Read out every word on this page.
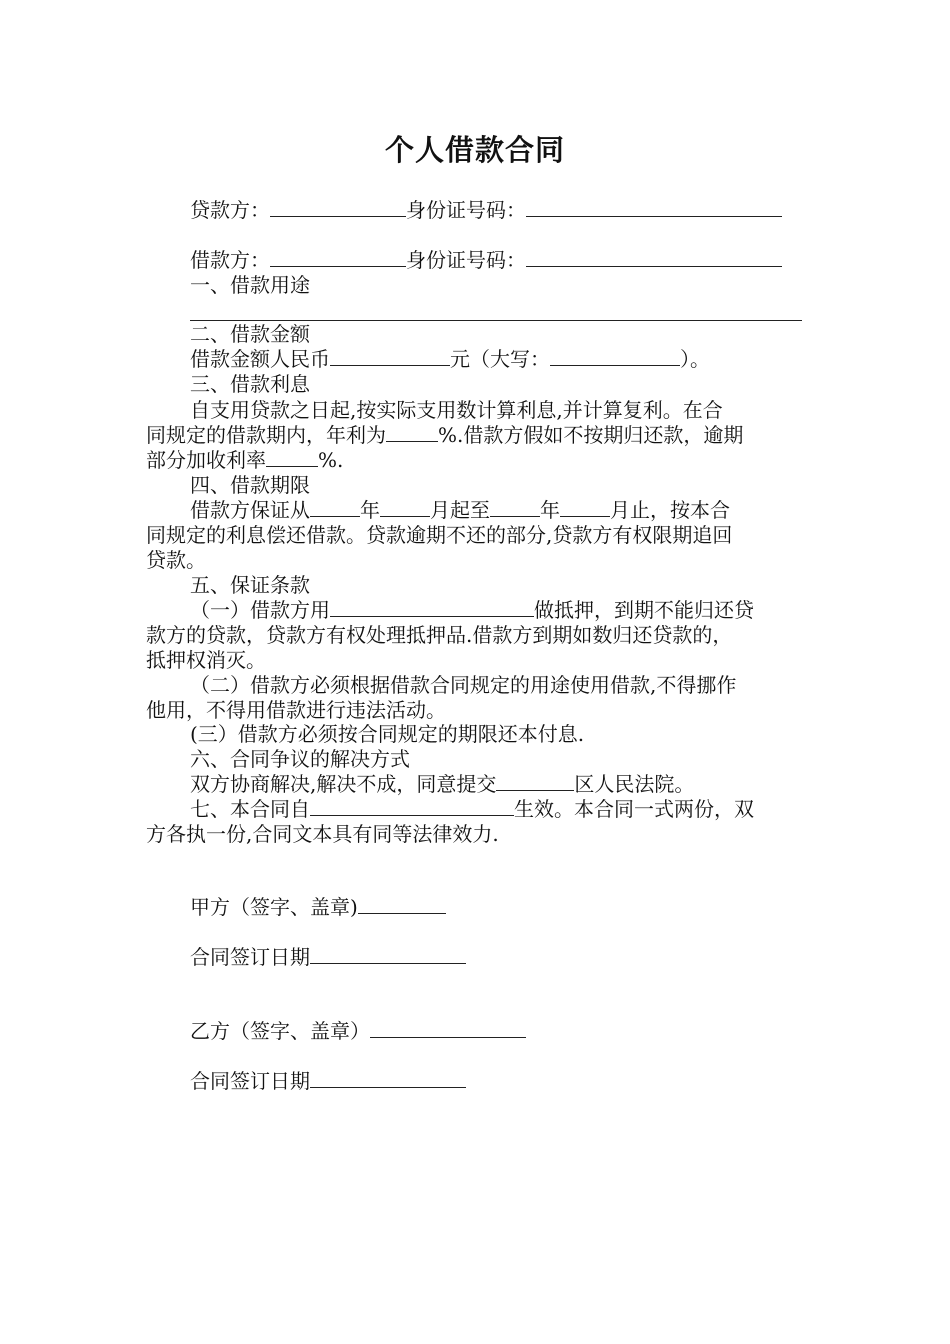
个人借款合同
贷款方：	身份证号码：
借款方：	身份证号码：
一、借款用途
二、借款金额
借款金额人民币	元（大写：	）。
三、借款利息
自支用贷款之日起,按实际支用数计算利息,并计算复利。在合
同规定的借款期内，年利为	%.借款方假如不按期归还款，逾期
部分加收利率	%.
四、借款期限
借款方保证从	年	月起至	年	月止，按本合
同规定的利息偿还借款。贷款逾期不还的部分,贷款方有权限期追回
贷款。
五、保证条款
（一）借款方用	做抵押，到期不能归还贷
款方的贷款，贷款方有权处理抵押品.借款方到期如数归还贷款的，
抵押权消灭。
（二）借款方必须根据借款合同规定的用途使用借款,不得挪作
他用，不得用借款进行违法活动。
(三）借款方必须按合同规定的期限还本付息.
六、合同争议的解决方式
双方协商解决,解决不成，同意提交	区人民法院。
七、本合同自	生效。本合同一式两份，双
方各执一份,合同文本具有同等法律效力.
甲方（签字、盖章)
合同签订日期
乙方（签字、盖章）
合同签订日期
